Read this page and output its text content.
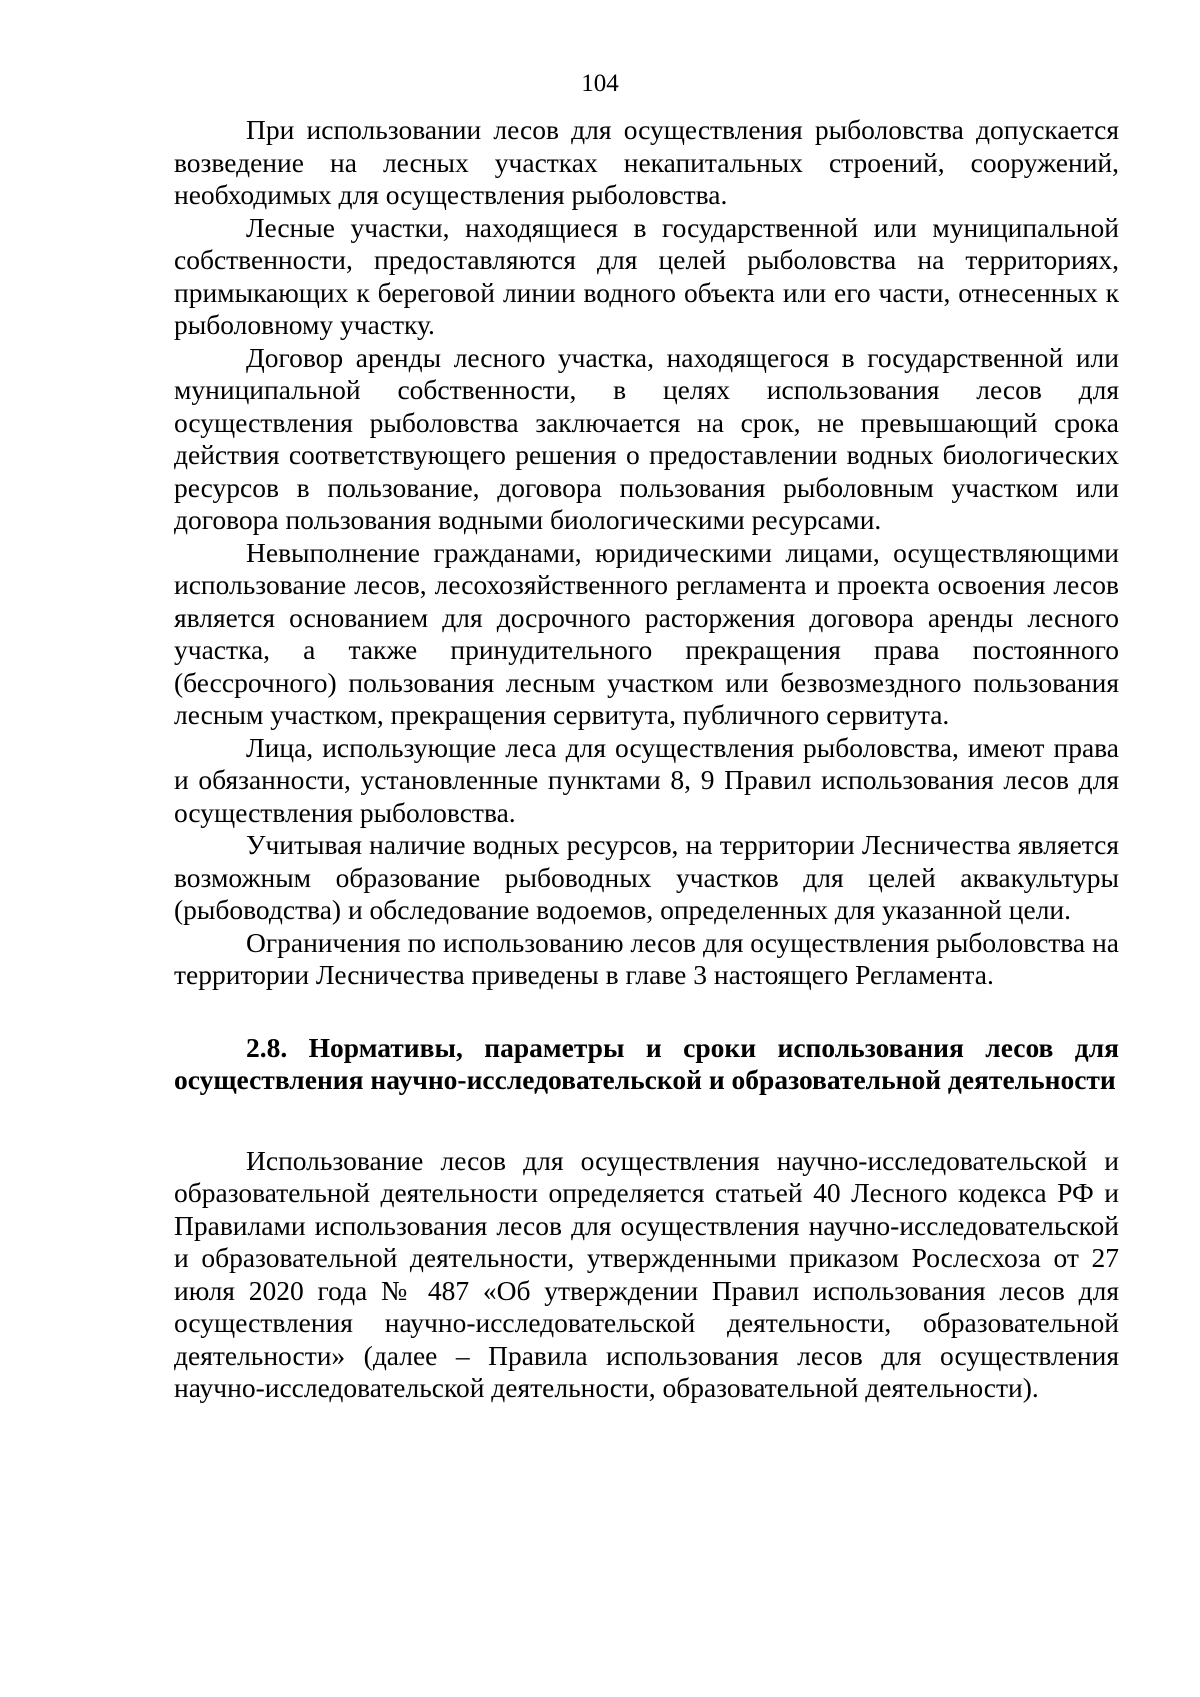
104

При использовании лесов для осуществления рыболовства допускается возведение на лесных участках некапитальных строений, сооружений, необходимых для осуществления рыболовства.

Лесные участки, находящиеся в государственной или муниципальной собственности, предоставляются для целей рыболовства на территориях, примыкающих к береговой линии водного объекта или его части, отнесенных к рыболовному участку.

Договор аренды лесного участка, находящегося в государственной или муниципальной собственности, в целях использования лесов для осуществления рыболовства заключается на срок, не превышающий срока действия соответствующего решения о предоставлении водных биологических ресурсов в пользование, договора пользования рыболовным участком или договора пользования водными биологическими ресурсами.

Невыполнение гражданами, юридическими лицами, осуществляющими использование лесов, лесохозяйственного регламента и проекта освоения лесов является основанием для досрочного расторжения договора аренды лесного участка, а также принудительного прекращения права постоянного (бессрочного) пользования лесным участком или безвозмездного пользования лесным участком, прекращения сервитута, публичного сервитута.

Лица, использующие леса для осуществления рыболовства, имеют права и обязанности, установленные пунктами 8, 9 Правил использования лесов для осуществления рыболовства.

Учитывая наличие водных ресурсов, на территории Лесничества является возможным образование рыбоводных участков для целей аквакультуры (рыбоводства) и обследование водоемов, определенных для указанной цели.

Ограничения по использованию лесов для осуществления рыболовства на территории Лесничества приведены в главе 3 настоящего Регламента.

2.8. Нормативы, параметры и сроки использования лесов для осуществления научно-исследовательской и образовательной деятельности

Использование лесов для осуществления научно-исследовательской и образовательной деятельности определяется статьей 40 Лесного кодекса РФ и Правилами использования лесов для осуществления научно-исследовательской и образовательной деятельности, утвержденными приказом Рослесхоза от 27 июля 2020 года № 487 «Об утверждении Правил использования лесов для осуществления научно-исследовательской деятельности, образовательной деятельности» (далее – Правила использования лесов для осуществления научно-исследовательской деятельности, образовательной деятельности).
